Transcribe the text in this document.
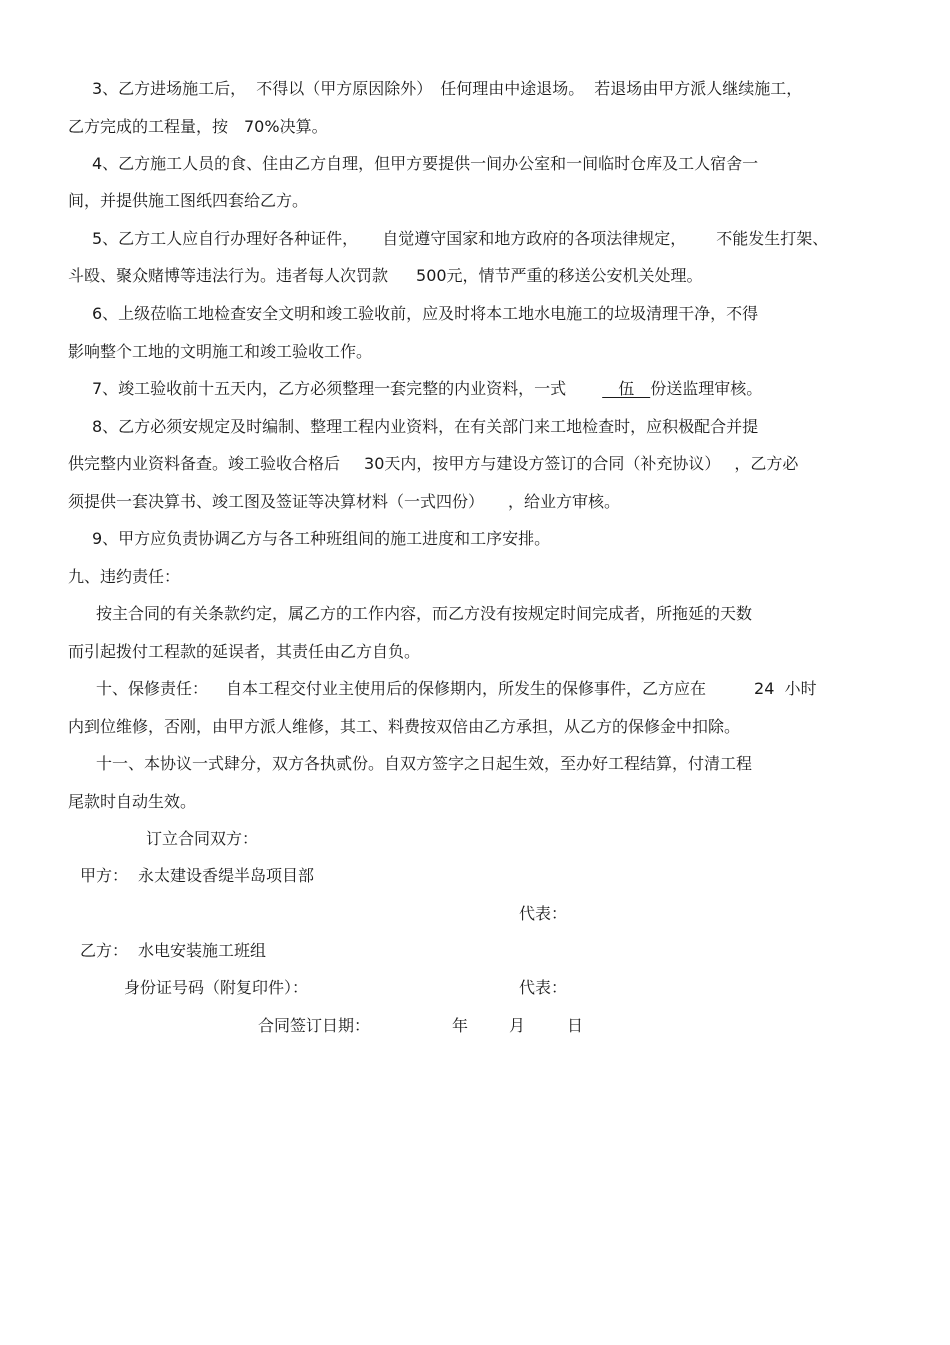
3、乙方进场施工后， 不得以（甲方原因除外） 任何理由中途退场。 若退场由甲方派人继续施工，
乙方完成的工程量，按　70%决算。
4、乙方施工人员的食、住由乙方自理，但甲方要提供一间办公室和一间临时仓库及工人宿舍一
间，并提供施工图纸四套给乙方。
5、乙方工人应自行办理好各种证件， 自觉遵守国家和地方政府的各项法律规定， 不能发生打架、
斗殴、聚众赌博等违法行为。违者每人次罚款 500元，情节严重的移送公安机关处理。
6、上级莅临工地检查安全文明和竣工验收前，应及时将本工地水电施工的垃圾清理干净，不得
影响整个工地的文明施工和竣工验收工作。
7、竣工验收前十五天内，乙方必须整理一套完整的内业资料，一式　伍　份送监理审核。
8、乙方必须安规定及时编制、整理工程内业资料，在有关部门来工地检查时，应积极配合并提
供完整内业资料备查。竣工验收合格后 30天内，按甲方与建设方签订的合同（补充协议） ，乙方必
须提供一套决算书、竣工图及签证等决算材料（一式四份） ，给业方审核。
9、甲方应负责协调乙方与各工种班组间的施工进度和工序安排。
九、违约责任：
按主合同的有关条款约定，属乙方的工作内容，而乙方没有按规定时间完成者，所拖延的天数
而引起拨付工程款的延误者，其责任由乙方自负。
十、保修责任： 自本工程交付业主使用后的保修期内，所发生的保修事件，乙方应在	24  小时
内到位维修，否刚，由甲方派人维修，其工、料费按双倍由乙方承担，从乙方的保修金中扣除。
十一、本协议一式肆分，双方各执贰份。自双方签字之日起生效，至办好工程结算，付清工程
尾款时自动生效。
订立合同双方：
甲方： 永太建设香缇半岛项目部
代表：
乙方： 水电安装施工班组
身份证号码（附复印件）：	代表：
合同签订日期：	年	月	日
